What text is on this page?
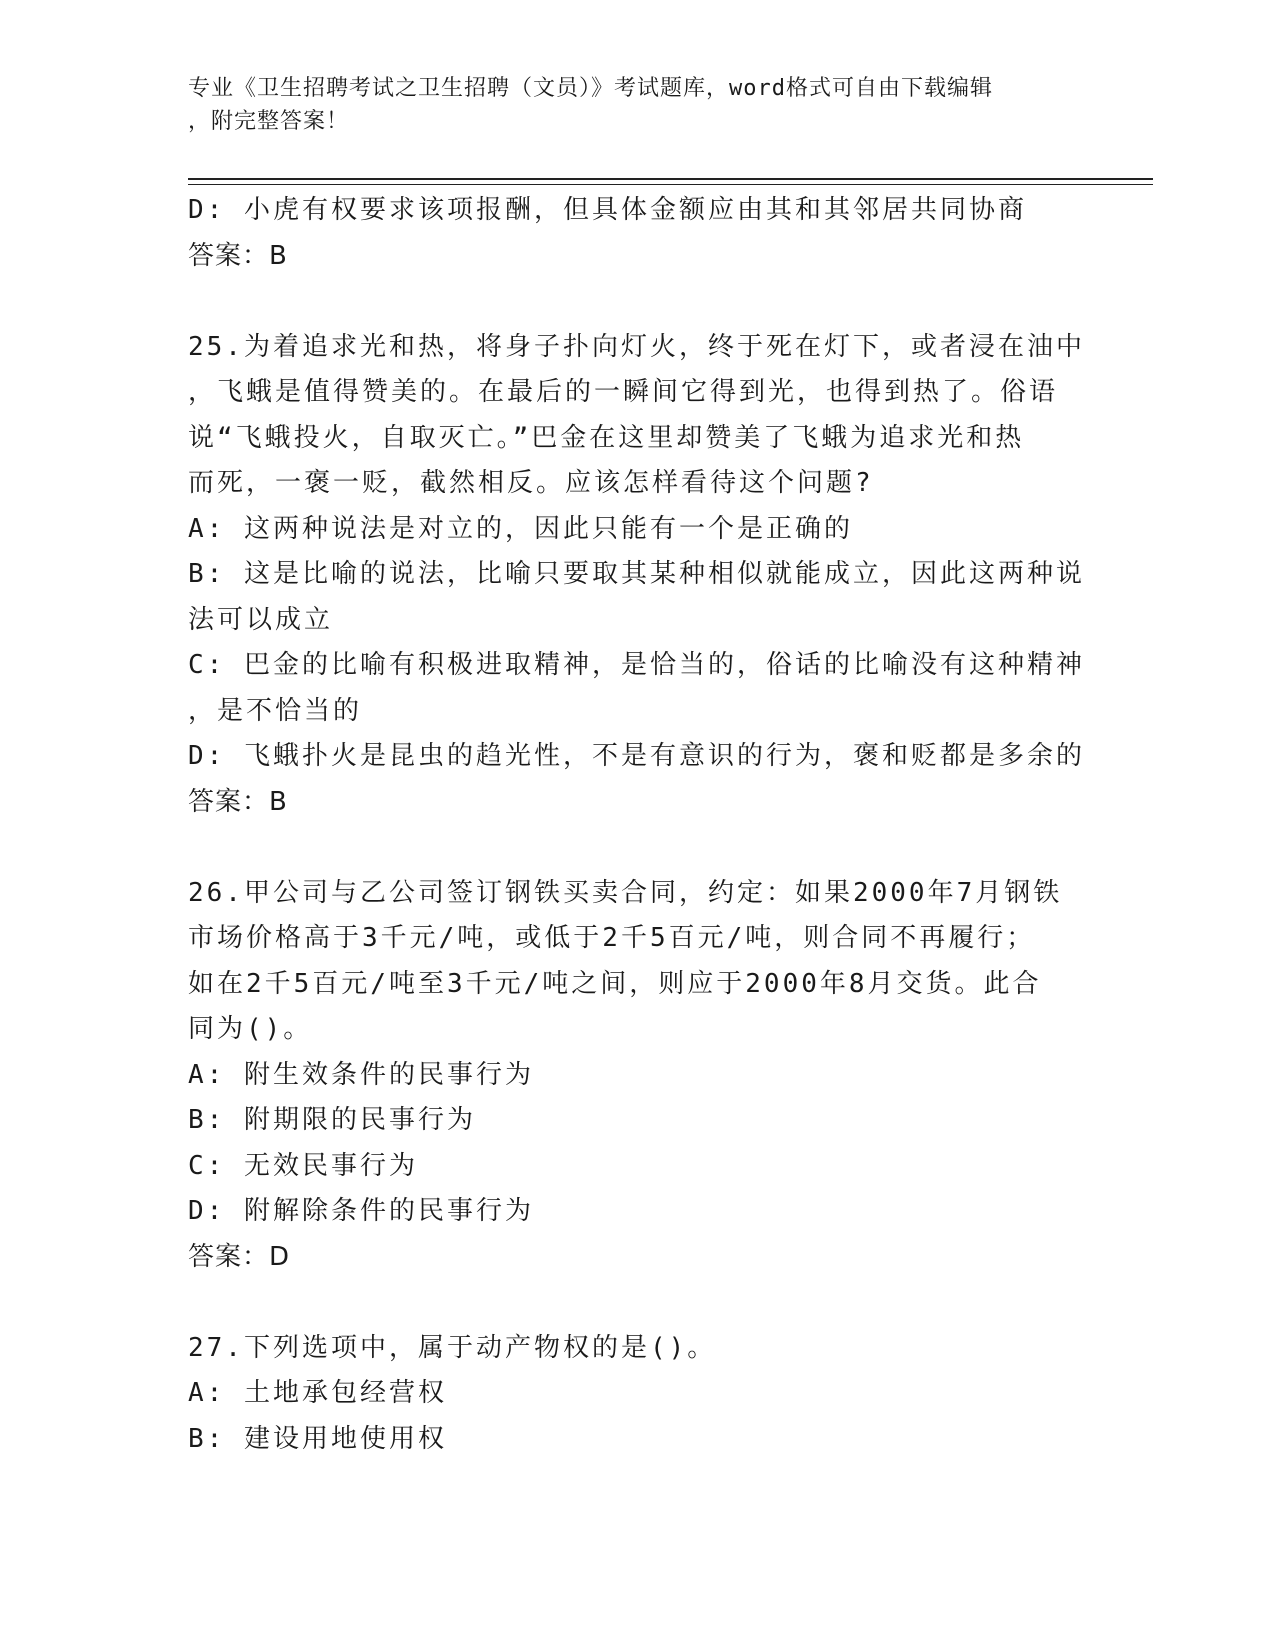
专业《卫生招聘考试之卫生招聘（文员）》考试题库，word格式可自由下载编辑
，附完整答案！
D: 小虎有权要求该项报酬，但具体金额应由其和其邻居共同协商
答案：B
25.为着追求光和热，将身子扑向灯火，终于死在灯下，或者浸在油中
，飞蛾是值得赞美的。在最后的一瞬间它得到光，也得到热了。俗语
说“飞蛾投火，自取灭亡。”巴金在这里却赞美了飞蛾为追求光和热
而死，一褒一贬，截然相反。应该怎样看待这个问题?
A: 这两种说法是对立的，因此只能有一个是正确的
B: 这是比喻的说法，比喻只要取其某种相似就能成立，因此这两种说
法可以成立
C: 巴金的比喻有积极进取精神，是恰当的，俗话的比喻没有这种精神
，是不恰当的
D: 飞蛾扑火是昆虫的趋光性，不是有意识的行为，褒和贬都是多余的
答案：B
26.甲公司与乙公司签订钢铁买卖合同，约定：如果2000年7月钢铁
市场价格高于3千元/吨，或低于2千5百元/吨，则合同不再履行；
如在2千5百元/吨至3千元/吨之间，则应于2000年8月交货。此合
同为()。
A: 附生效条件的民事行为
B: 附期限的民事行为
C: 无效民事行为
D: 附解除条件的民事行为
答案：D
27.下列选项中，属于动产物权的是()。
A: 土地承包经营权
B: 建设用地使用权
